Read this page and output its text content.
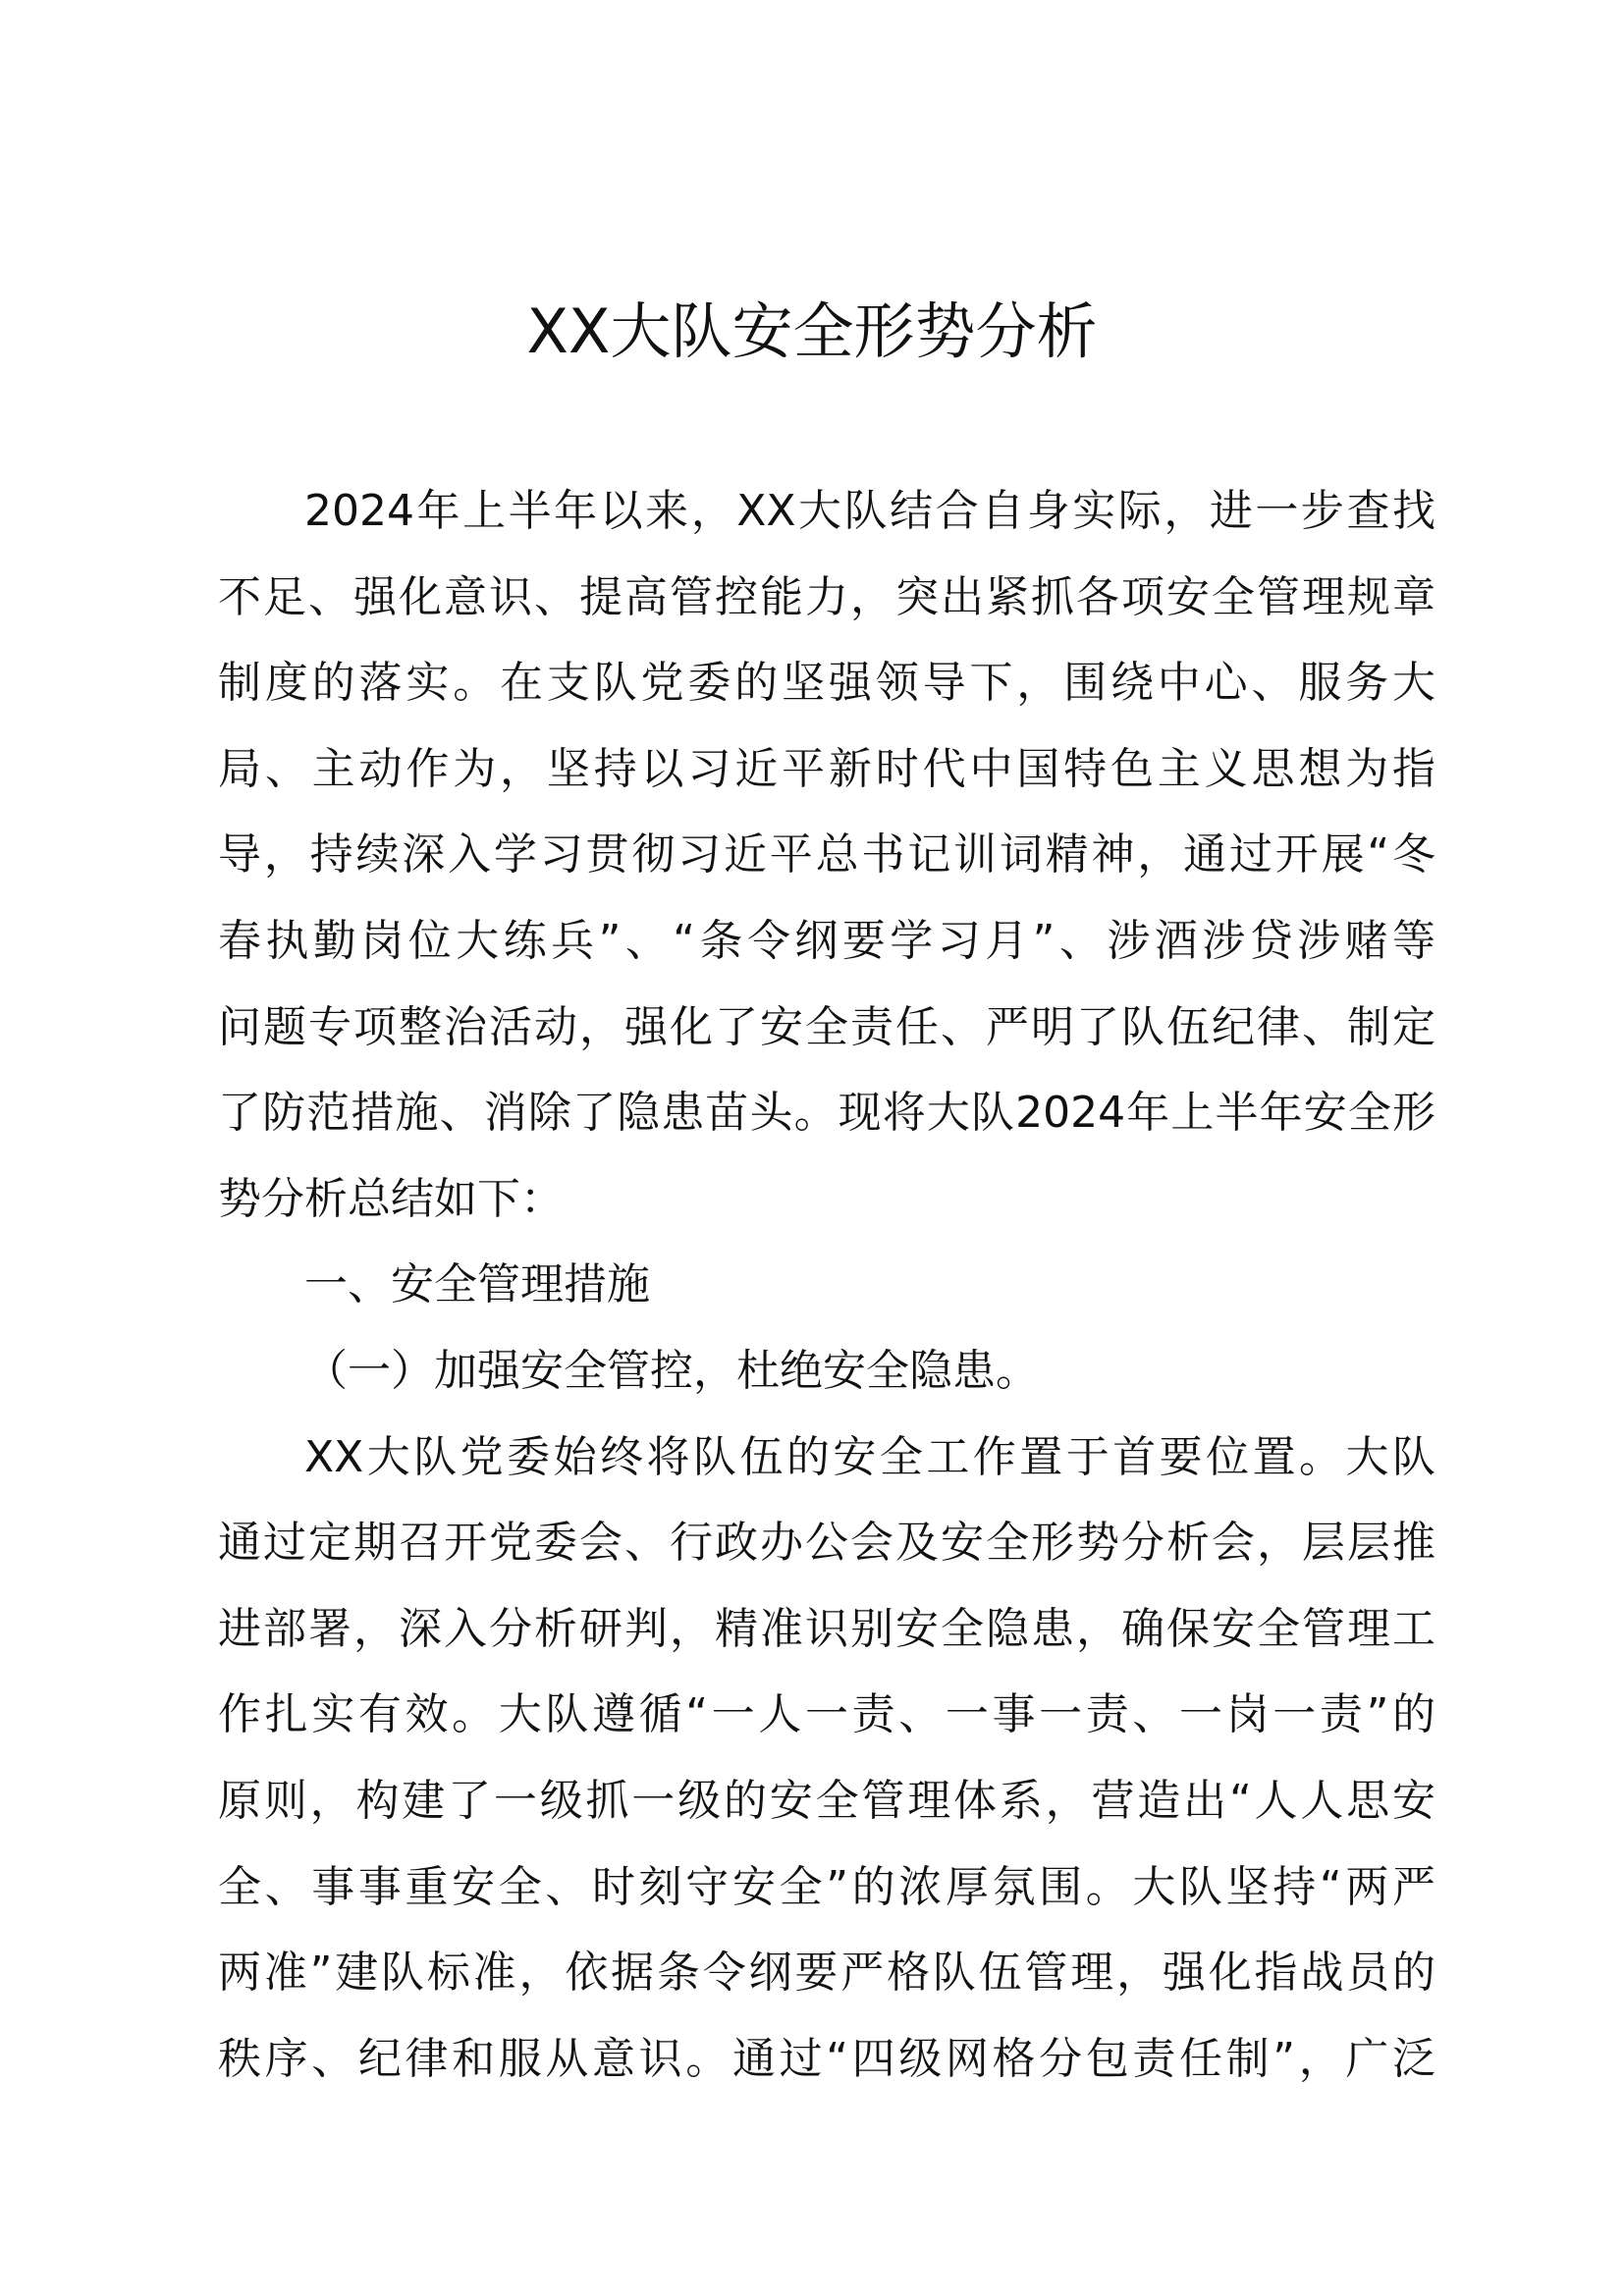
XX大队安全形势分析

2024年上半年以来，XX大队结合自身实际，进一步查找
不足、强化意识、提高管控能力，突出紧抓各项安全管理规章
制度的落实。在支队党委的坚强领导下，围绕中心、服务大
局、主动作为，坚持以习近平新时代中国特色主义思想为指
导，持续深入学习贯彻习近平总书记训词精神，通过开展“冬
春执勤岗位大练兵”、“条令纲要学习月”、涉酒涉贷涉赌等
问题专项整治活动，强化了安全责任、严明了队伍纪律、制定
了防范措施、消除了隐患苗头。现将大队2024年上半年安全形
势分析总结如下：

一、安全管理措施

（一）加强安全管控，杜绝安全隐患。

XX大队党委始终将队伍的安全工作置于首要位置。大队
通过定期召开党委会、行政办公会及安全形势分析会，层层推
进部署，深入分析研判，精准识别安全隐患，确保安全管理工
作扎实有效。大队遵循“一人一责、一事一责、一岗一责”的
原则，构建了一级抓一级的安全管理体系，营造出“人人思安
全、事事重安全、时刻守安全”的浓厚氛围。大队坚持“两严
两准”建队标准，依据条令纲要严格队伍管理，强化指战员的
秩序、纪律和服从意识。通过“四级网格分包责任制”，广泛
